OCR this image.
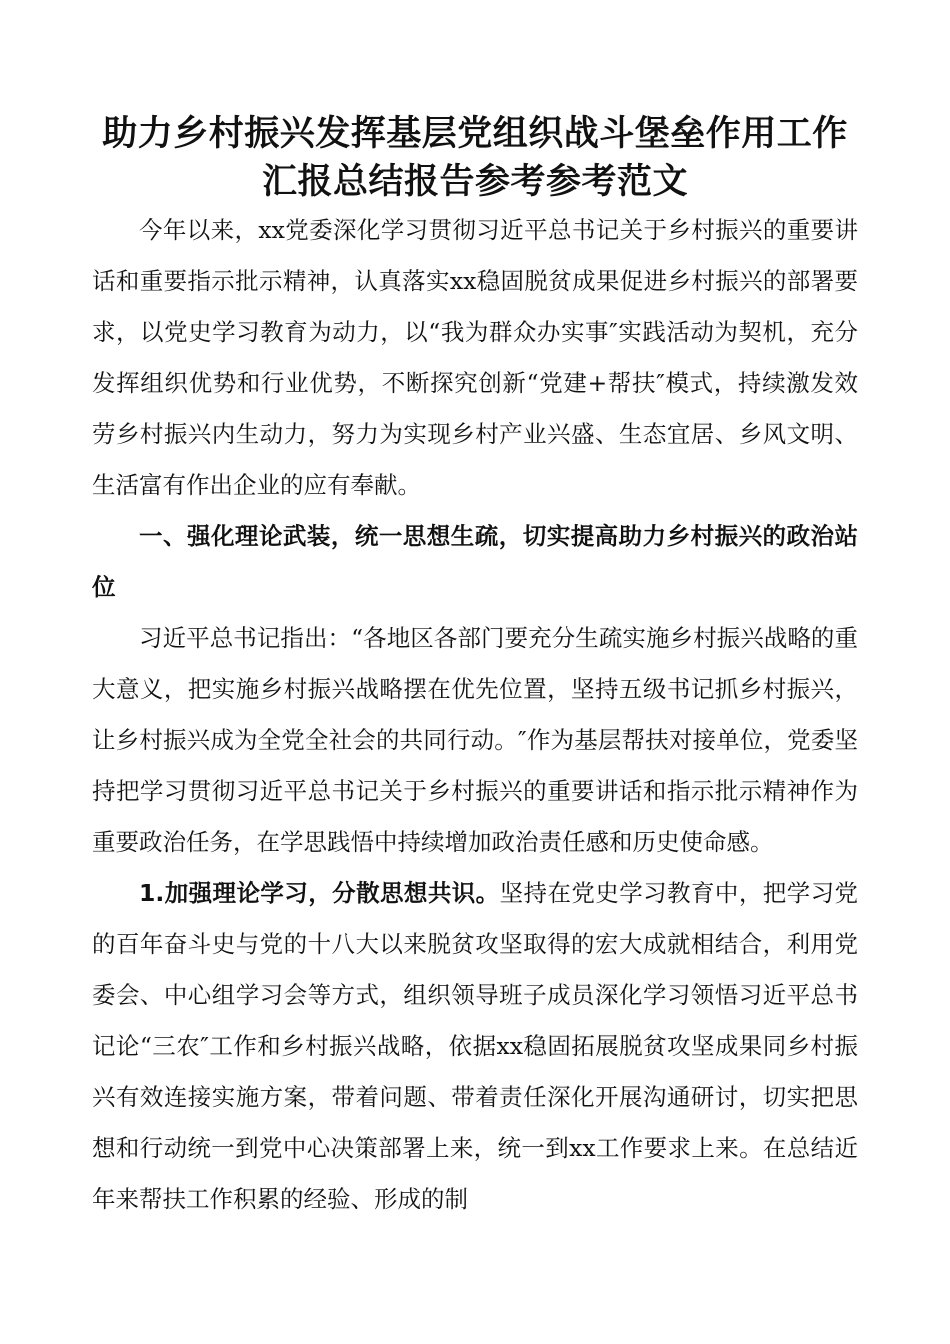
助力乡村振兴发挥基层党组织战斗堡垒作用工作
汇报总结报告参考参考范文

今年以来，xx党委深化学习贯彻习近平总书记关于乡村振兴的重要讲话和重要指示批示精神，认真落实xx稳固脱贫成果促进乡村振兴的部署要求，以党史学习教育为动力，以“我为群众办实事″实践活动为契机，充分发挥组织优势和行业优势，不断探究创新“党建+帮扶″模式，持续激发效劳乡村振兴内生动力，努力为实现乡村产业兴盛、生态宜居、乡风文明、生活富有作出企业的应有奉献。

一、强化理论武装，统一思想生疏，切实提高助力乡村振兴的政治站位

习近平总书记指出：“各地区各部门要充分生疏实施乡村振兴战略的重大意义，把实施乡村振兴战略摆在优先位置，坚持五级书记抓乡村振兴，让乡村振兴成为全党全社会的共同行动。″作为基层帮扶对接单位，党委坚持把学习贯彻习近平总书记关于乡村振兴的重要讲话和指示批示精神作为重要政治任务，在学思践悟中持续增加政治责任感和历史使命感。

1.加强理论学习，分散思想共识。坚持在党史学习教育中，把学习党的百年奋斗史与党的十八大以来脱贫攻坚取得的宏大成就相结合，利用党委会、中心组学习会等方式，组织领导班子成员深化学习领悟习近平总书记论“三农″工作和乡村振兴战略，依据xx稳固拓展脱贫攻坚成果同乡村振兴有效连接实施方案，带着问题、带着责任深化开展沟通研讨，切实把思想和行动统一到党中心决策部署上来，统一到xx工作要求上来。在总结近年来帮扶工作积累的经验、形成的制
